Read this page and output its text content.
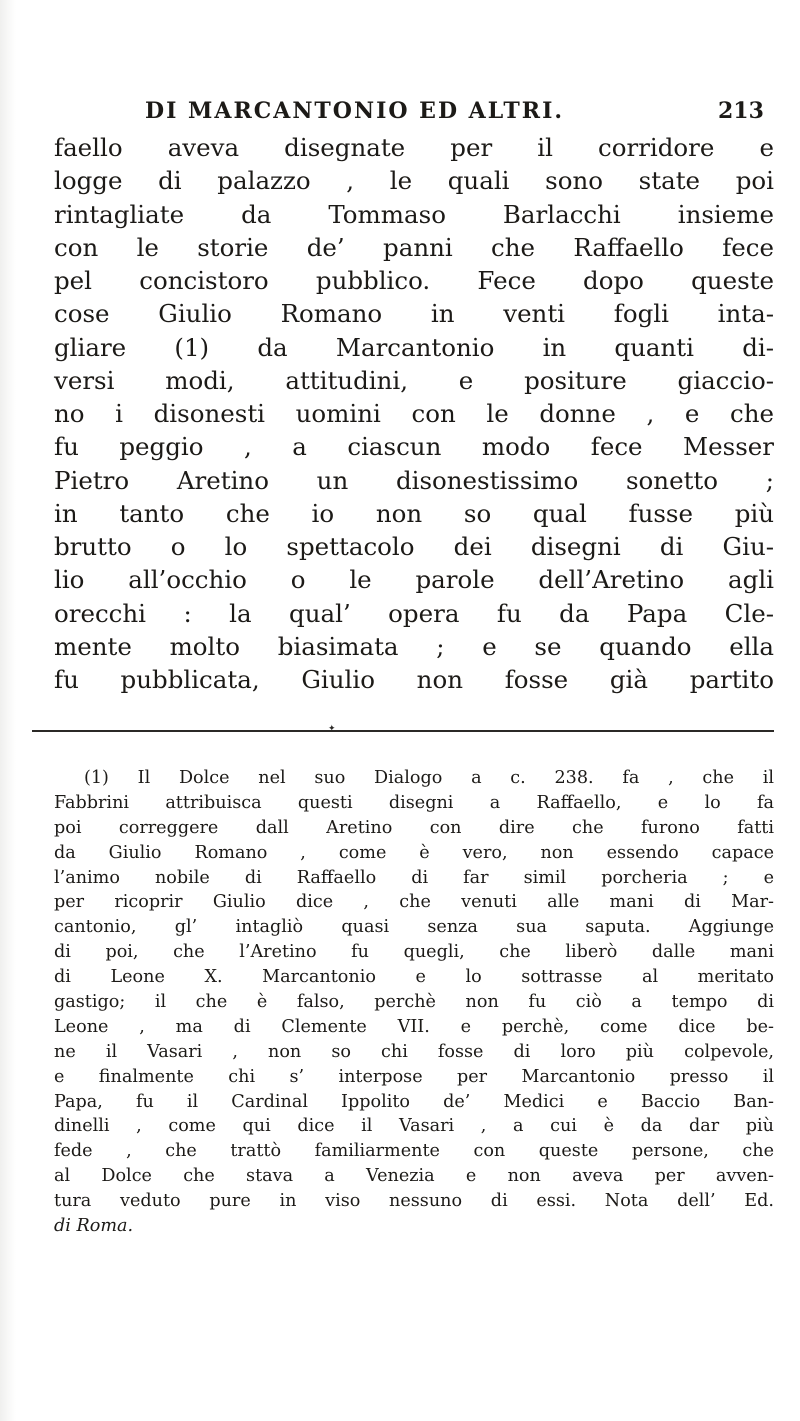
DI MARCANTONIO ED ALTRI.	213
faello aveva disegnate per il corridore e
logge di palazzo , le quali sono state poi
rintagliate da Tommaso Barlacchi insieme
con le storie de’ panni che Raffaello fece
pel concistoro pubblico. Fece dopo queste
cose Giulio Romano in venti fogli inta-
gliare (1) da Marcantonio in quanti di-
versi modi, attitudini, e positure giaccio-
no i disonesti uomini con le donne , e che
fu peggio , a ciascun modo fece Messer
Pietro Aretino un disonestissimo sonetto ;
in tanto che io non so qual fusse più
brutto o lo spettacolo dei disegni di Giu-
lio all’occhio o le parole dell’Aretino agli
orecchi : la qual’ opera fu da Papa Cle-
mente molto biasimata ; e se quando ella
fu pubblicata, Giulio non fosse già partito
✦
(1) Il Dolce nel suo Dialogo a c. 238. fa , che il
Fabbrini attribuisca questi disegni a Raffaello, e lo fa
poi correggere dall Aretino con dire che furono fatti
da Giulio Romano , come è vero, non essendo capace
l’animo nobile di Raffaello di far simil porcheria ; e
per ricoprir Giulio dice , che venuti alle mani di Mar-
cantonio, gl’ intagliò quasi senza sua saputa. Aggiunge
di poi, che l’Aretino fu quegli, che liberò dalle mani
di Leone X. Marcantonio e lo sottrasse al meritato
gastigo; il che è falso, perchè non fu ciò a tempo di
Leone , ma di Clemente VII. e perchè, come dice be-
ne il Vasari , non so chi fosse di loro più colpevole,
e finalmente chi s’ interpose per Marcantonio presso il
Papa, fu il Cardinal Ippolito de’ Medici e Baccio Ban-
dinelli , come qui dice il Vasari , a cui è da dar più
fede , che trattò familiarmente con queste persone, che
al Dolce che stava a Venezia e non aveva per avven-
tura veduto pure in viso nessuno di essi. Nota dell’ Ed.
di Roma.
